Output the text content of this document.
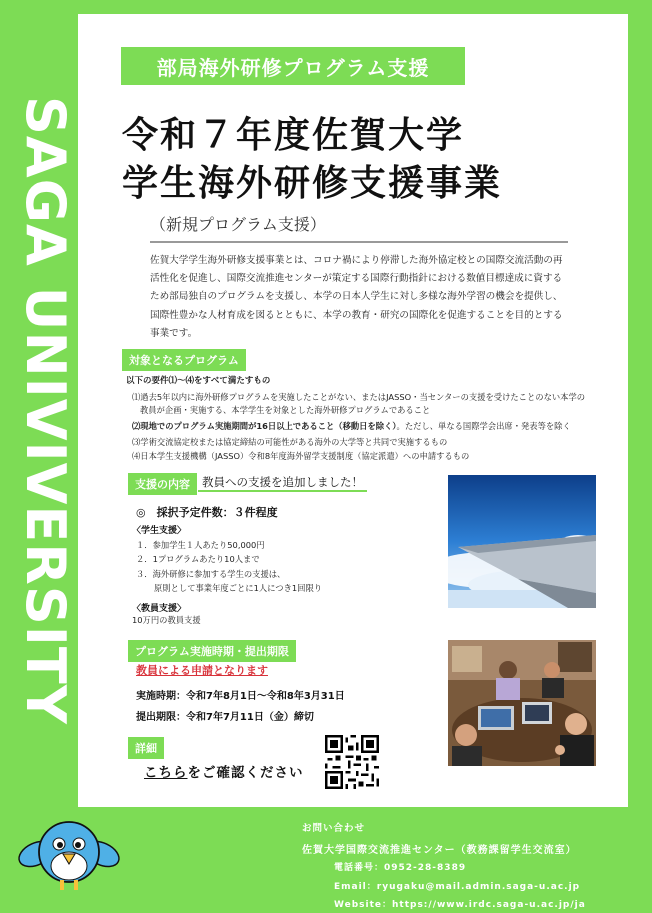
SAGA UNIVIVERSITY
部局海外研修プログラム支援
令和７年度佐賀大学
学生海外研修支援事業
（新規プログラム支援）
佐賀大学学生海外研修支援事業とは、コロナ禍により停滞した海外協定校との国際交流活動の再活性化を促進し、国際交流推進センターが策定する国際行動指針における数値目標達成に資するため部局独自のプログラムを支援し、本学の日本人学生に対し多様な海外学習の機会を提供し、国際性豊かな人材育成を図るとともに、本学の教育・研究の国際化を促進することを目的とする事業です。
対象となるプログラム
以下の要件⑴〜⑷をすべて満たすもの
⑴過去5年以内に海外研修プログラムを実施したことがない、またはJASSO・当センターの支援を受けたことのない本学の
教員が企画・実施する、本学学生を対象とした海外研修プログラムであること
⑵現地でのプログラム実施期間が16日以上であること（移動日を除く）。ただし、単なる国際学会出席・発表等を除く
⑶学術交流協定校または協定締結の可能性がある海外の大学等と共同で実施するもの
⑷日本学生支援機構（JASSO）令和8年度海外留学支援制度（協定派遣）への申請するもの
支援の内容	教員への支援を追加しました！
◎　採択予定件数：３件程度
〈学生支援〉
１．参加学生１人あたり50,000円
２．1プログラムあたり10人まで
３．海外研修に参加する学生の支援は、
原則として事業年度ごとに1人につき1回限り
〈教員支援〉
10万円の教員支援
プログラム実施時期・提出期限
教員による申請となります
実施時期：令和7年8月1日〜令和8年3月31日
提出期限：令和7年7月11日（金）締切
詳細
こちらをご確認ください
お問い合わせ
佐賀大学国際交流推進センター（教務課留学生交流室）
電話番号：0952-28-8389
Email：ryugaku@mail.admin.saga-u.ac.jp
Website：https://www.irdc.saga-u.ac.jp/ja
